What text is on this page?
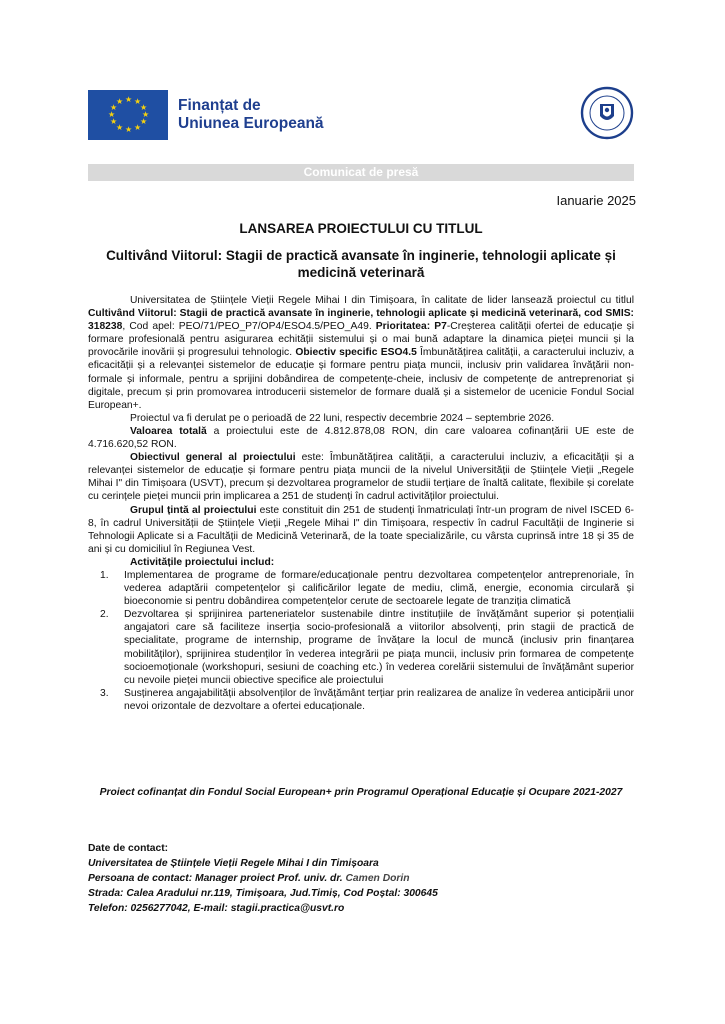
★ ★
★
★
★
★
★
★
★
★
★
★	Finanțat de
Uniunea Europeană
Comunicat de presă
Ianuarie 2025
LANSAREA PROIECTULUI CU TITLUL
Cultivând Viitorul: Stagii de practică avansate în inginerie, tehnologii aplicate și medicină veterinară

Universitatea de Științele Vieții Regele Mihai I din Timișoara, în calitate de lider lansează proiectul cu titlul Cultivând Viitorul: Stagii de practică avansate în inginerie, tehnologii aplicate și medicină veterinară, cod SMIS: 318238, Cod apel: PEO/71/PEO_P7/OP4/ESO4.5/PEO_A49. Prioritatea: P7-Creșterea calității ofertei de educație și formare profesională pentru asigurarea echității sistemului și o mai bună adaptare la dinamica pieței muncii și la provocările inovării și progresului tehnologic. Obiectiv specific ESO4.5 Îmbunătățirea calității, a caracterului incluziv, a eficacității și a relevanței sistemelor de educație și formare pentru piața muncii, inclusiv prin validarea învățării non-formale și informale, pentru a sprijini dobândirea de competențe-cheie, inclusiv de competențe de antreprenoriat și digitale, precum și prin promovarea introducerii sistemelor de formare duală și a sistemelor de ucenicie Fondul Social European+.

Proiectul va fi derulat pe o perioadă de 22 luni, respectiv decembrie 2024 – septembrie 2026.

Valoarea totală a proiectului este de 4.812.878,08 RON, din care valoarea cofinanțării UE este de 4.716.620,52 RON.

Obiectivul general al proiectului este: Îmbunătățirea calității, a caracterului incluziv, a eficacității și a relevanței sistemelor de educație și formare pentru piața muncii de la nivelul Universității de Științele Vieții „Regele Mihai I" din Timișoara (USVT), precum și dezvoltarea programelor de studii terțiare de înaltă calitate, flexibile și corelate cu cerințele pieței muncii prin implicarea a 251 de studenți în cadrul activităților proiectului.

Grupul țintă al proiectului este constituit din 251 de studenți înmatriculați într-un program de nivel ISCED 6-8, în cadrul Universității de Științele Vieții „Regele Mihai I" din Timișoara, respectiv în cadrul Facultății de Inginerie si Tehnologii Aplicate si a Facultății de Medicină Veterinară, de la toate specializările, cu vârsta cuprinsă intre 18 și 35 de ani și cu domiciliul în Regiunea Vest.

Activitățile proiectului includ:

1. Implementarea de programe de formare/educaționale pentru dezvoltarea competențelor antreprenoriale, în vederea adaptării competențelor și calificărilor legate de mediu, climă, energie, economia circulară și bioeconomie si pentru dobândirea competențelor cerute de sectoarele legate de tranziția climatică
2. Dezvoltarea și sprijinirea parteneriatelor sustenabile dintre instituțiile de învățământ superior și potențialii angajatori care să faciliteze inserția socio-profesională a viitorilor absolvenți, prin stagii de practică de specialitate, programe de internship, programe de învățare la locul de muncă (inclusiv prin finanțarea mobilităților), sprijinirea studenților în vederea integrării pe piața muncii, inclusiv prin formarea de competențe socioemoționale (workshopuri, sesiuni de coaching etc.) în vederea corelării sistemului de învățământ superior cu nevoile pieței muncii obiective specifice ale proiectului
3. Susținerea angajabilității absolvenților de învățământ terțiar prin realizarea de analize în vederea anticipării unor nevoi orizontale de dezvoltare a ofertei educaționale.
Proiect cofinanțat din Fondul Social European+ prin Programul Operațional Educație și Ocupare 2021-2027
Date de contact:
Universitatea de Științele Vieții Regele Mihai I din Timișoara
Persoana de contact: Manager proiect Prof. univ. dr. Camen Dorin
Strada: Calea Aradului nr.119, Timișoara, Jud.Timiș, Cod Poștal: 300645
Telefon: 0256277042, E-mail: stagii.practica@usvt.ro
